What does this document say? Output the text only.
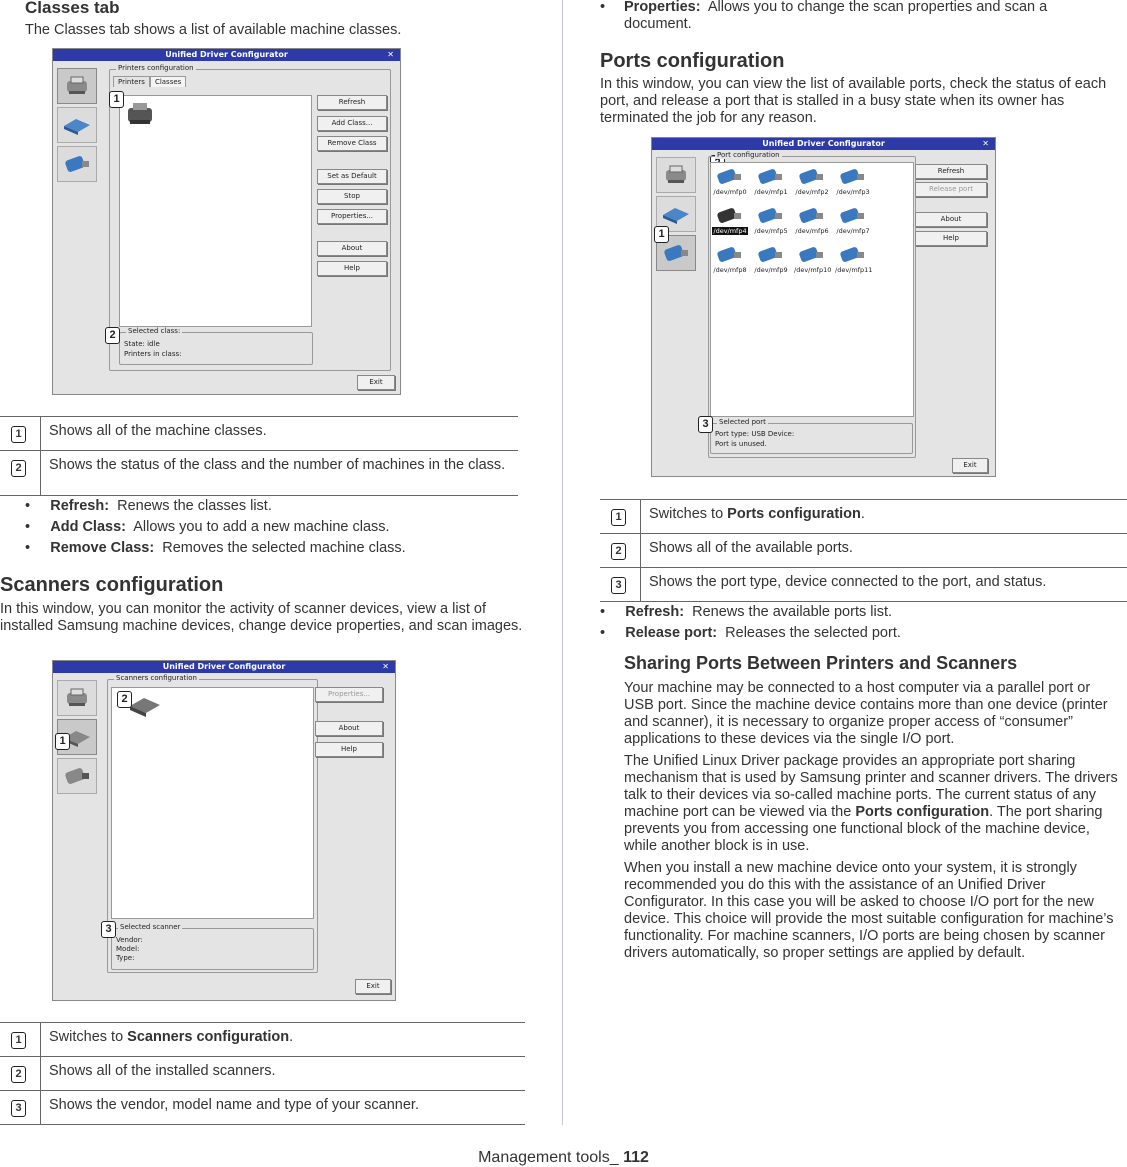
Classes tab
The Classes tab shows a list of available machine classes.
Unified Driver Configurator	✕
Printers configuration
Printers Classes
1	Refresh
Add Class...
Remove Class
Set as Default
Stop
Properties...
About
Help
Selected class:
State: idle
Printers in class:
2
Exit
1	Shows all of the machine classes.

2	Shows the status of the class and the number of machines in the class.
•     Refresh: Renews the classes list.
•     Add Class: Allows you to add a new machine class.
•     Remove Class: Removes the selected machine class.
Scanners configuration
In this window, you can monitor the activity of scanner devices, view a list of installed Samsung machine devices, change device properties, and scan images.
Unified Driver Configurator	✕
Scanners configuration
2
1
Properties...
About
Help
Selected scanner
Vendor:
Model:
Type:
3
Exit
1	Switches to Scanners configuration.

2	Shows all of the installed scanners.

3	Shows the vendor, model name and type of your scanner.
• Properties: Allows you to change the scan properties and scan a document.
Ports configuration
In this window, you can view the list of available ports, check the status of each port, and release a port that is stalled in a busy state when its owner has terminated the job for any reason.
Unified Driver Configurator	✕
1
Port configuration
/dev/mfp0 /dev/mfp1 /dev/mfp2 /dev/mfp3
/dev/mfp4 /dev/mfp5 /dev/mfp6 /dev/mfp7
/dev/mfp8 /dev/mfp9 /dev/mfp10 /dev/mfp11
Refresh
Release port
About
Help
Selected port
Port type: USB Device:
Port is unused.
3
Exit
1	Switches to Ports configuration.

2	Shows all of the available ports.

3	Shows the port type, device connected to the port, and status.
•     Refresh: Renews the available ports list.
•     Release port: Releases the selected port.
Sharing Ports Between Printers and Scanners
Your machine may be connected to a host computer via a parallel port or USB port. Since the machine device contains more than one device (printer and scanner), it is necessary to organize proper access of “consumer” applications to these devices via the single I/O port.
The Unified Linux Driver package provides an appropriate port sharing mechanism that is used by Samsung printer and scanner drivers. The drivers talk to their devices via so-called machine ports. The current status of any machine port can be viewed via the Ports configuration. The port sharing prevents you from accessing one functional block of the machine device, while another block is in use.
When you install a new machine device onto your system, it is strongly recommended you do this with the assistance of an Unified Driver Configurator. In this case you will be asked to choose I/O port for the new device. This choice will provide the most suitable configuration for machine’s functionality. For machine scanners, I/O ports are being chosen by scanner drivers automatically, so proper settings are applied by default.
Management tools_ 112
